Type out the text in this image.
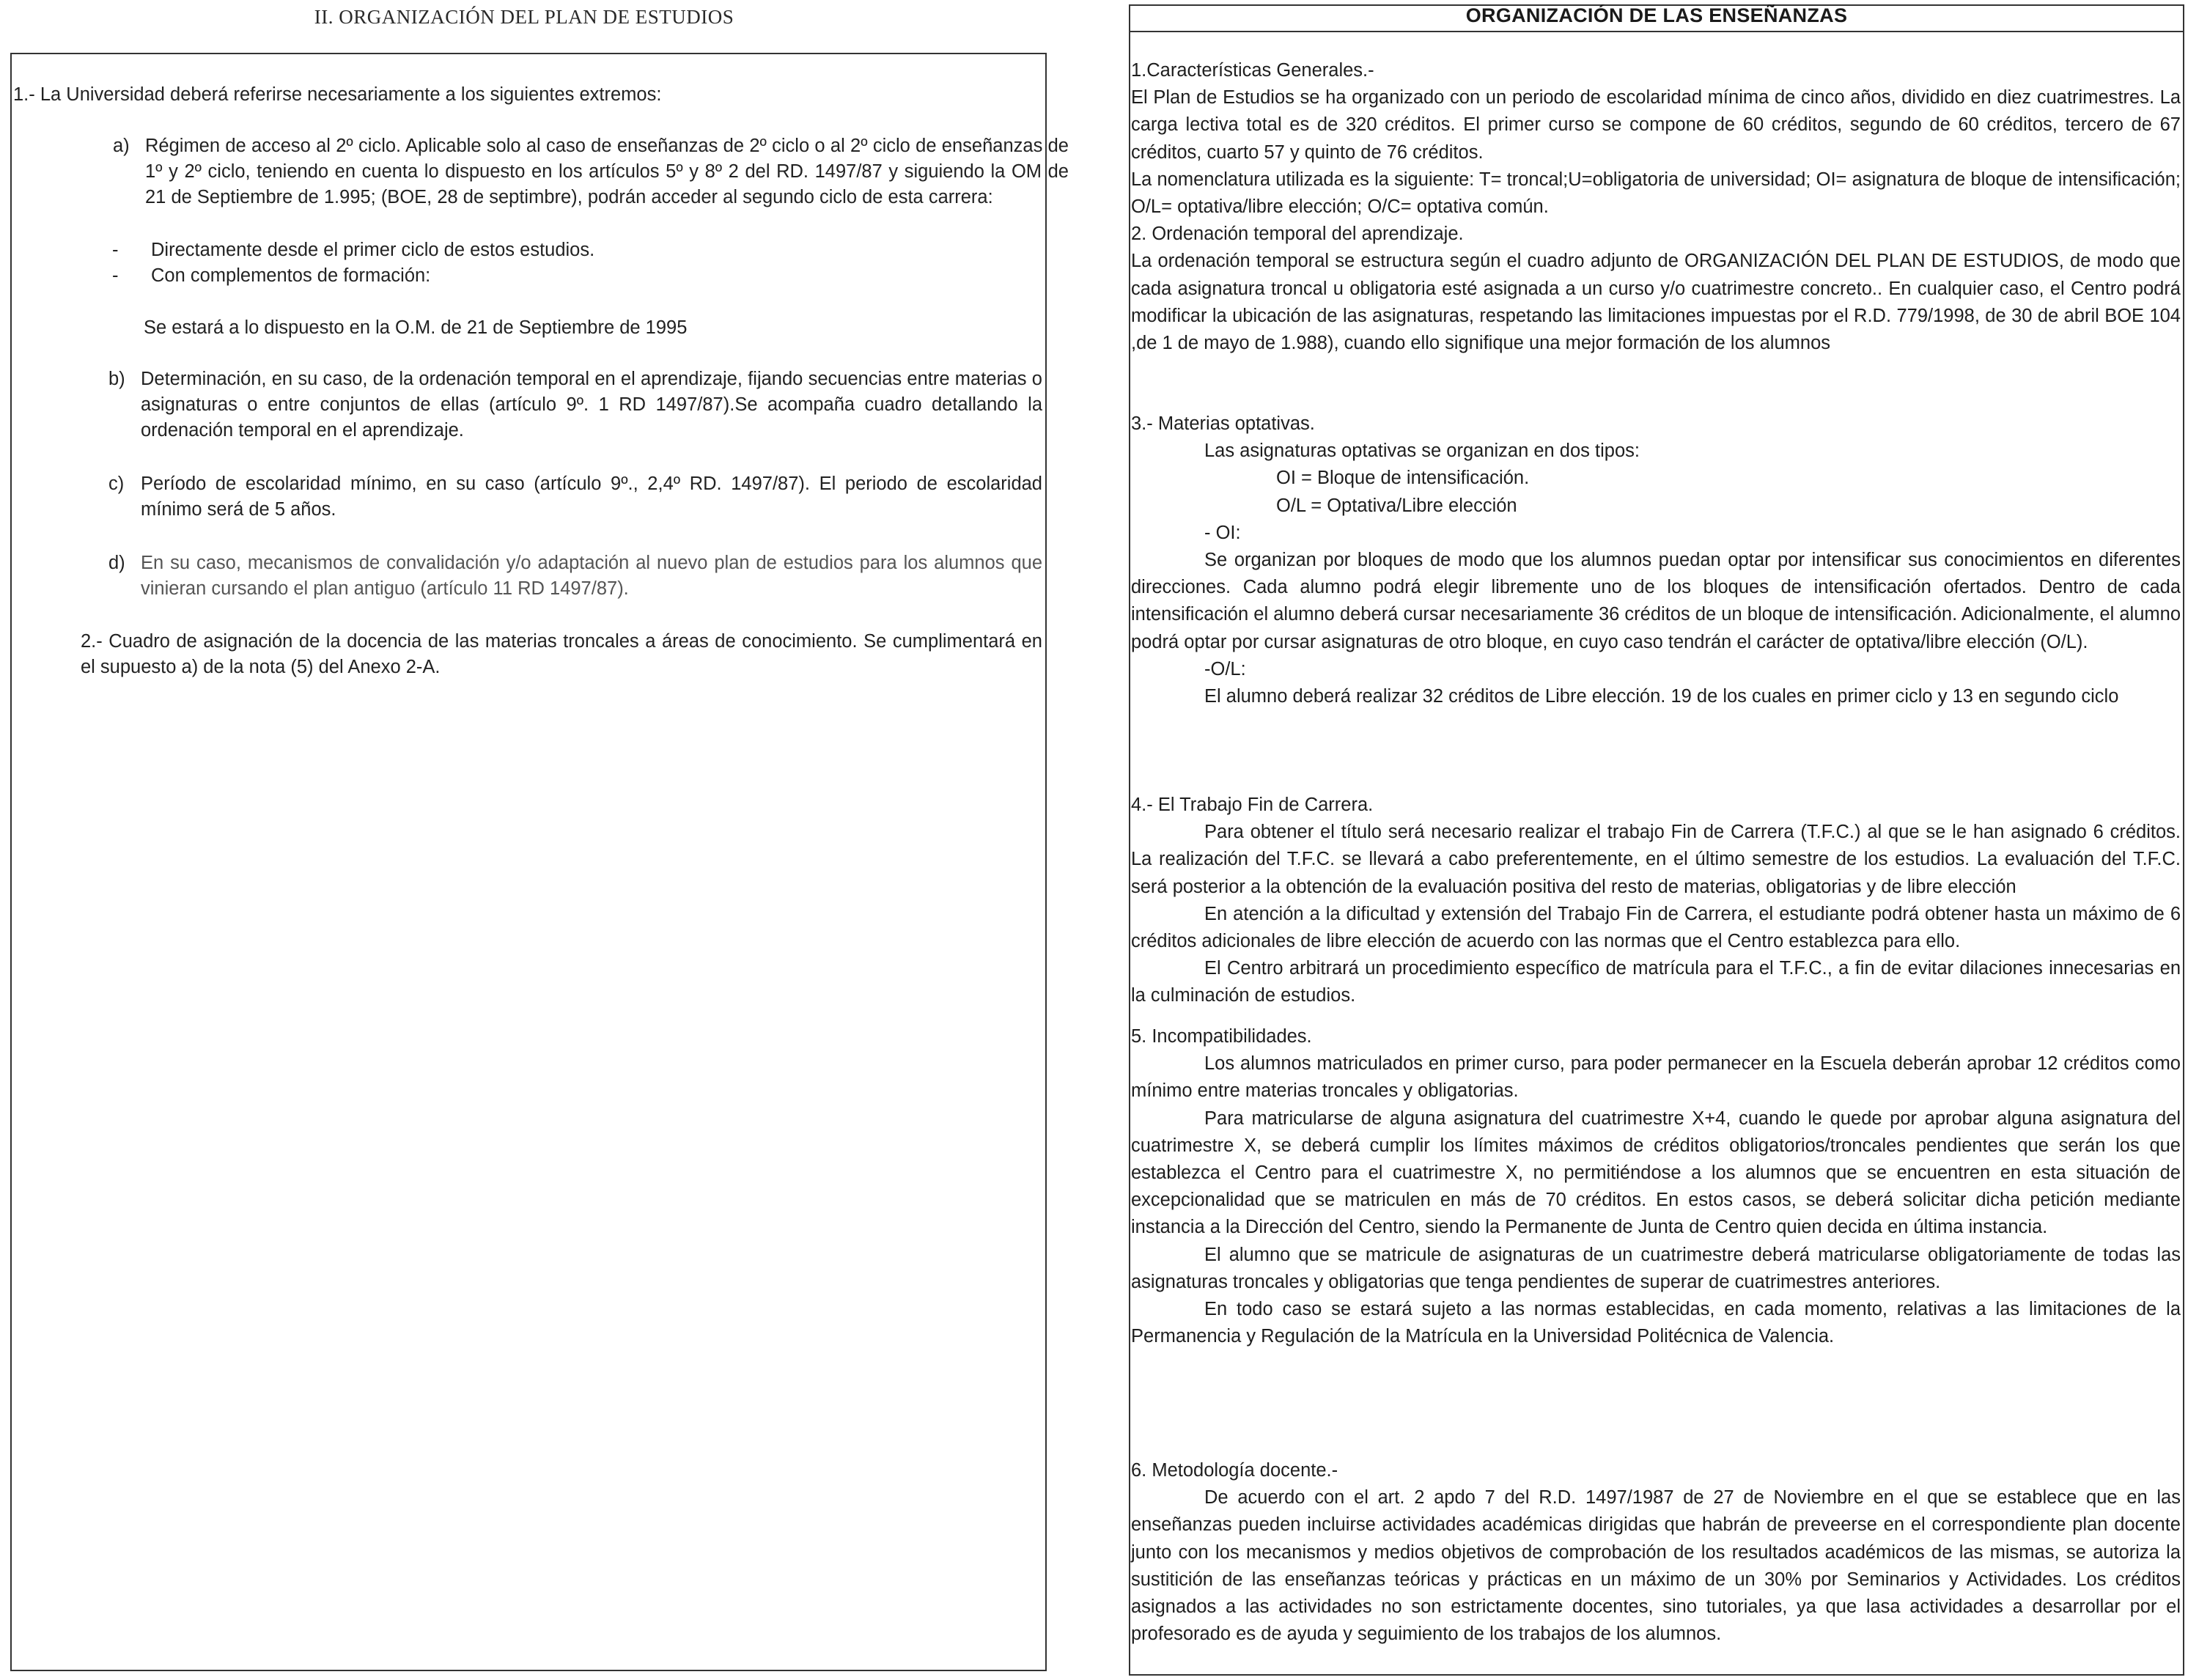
II. ORGANIZACIÓN DEL PLAN DE ESTUDIOS
1.- La Universidad deberá referirse necesariamente a los siguientes extremos:
a) Régimen de acceso al 2º ciclo. Aplicable solo al caso de enseñanzas de 2º ciclo o al 2º ciclo de enseñanzas de 1º y 2º ciclo, teniendo en cuenta lo dispuesto en los artículos 5º y 8º 2 del RD. 1497/87 y siguiendo la OM de 21 de Septiembre de 1.995; (BOE, 28 de septimbre), podrán acceder al segundo ciclo de esta carrera:
- Directamente desde el primer ciclo de estos estudios.
- Con complementos de formación:
Se estará a lo dispuesto en la O.M. de 21 de Septiembre de 1995
b) Determinación, en su caso, de la ordenación temporal en el aprendizaje, fijando secuencias entre materias o asignaturas o entre conjuntos de ellas (artículo 9º. 1 RD 1497/87).Se acompaña cuadro detallando la ordenación temporal en el aprendizaje.
c) Período de escolaridad mínimo, en su caso (artículo 9º., 2,4º RD. 1497/87). El periodo de escolaridad mínimo será de 5 años.
d) En su caso, mecanismos de convalidación y/o adaptación al nuevo plan de estudios para los alumnos que vinieran cursando el plan antiguo (artículo 11 RD 1497/87).
2.- Cuadro de asignación de la docencia de las materias troncales a áreas de conocimiento. Se cumplimentará en el supuesto a) de la nota (5) del Anexo 2-A.
ORGANIZACIÓN DE LAS ENSEÑANZAS

1.Características Generales.-

El Plan de Estudios se ha organizado con un periodo de escolaridad mínima de cinco años, dividido en diez cuatrimestres. La carga lectiva total es de 320 créditos. El primer curso se compone de 60 créditos, segundo de 60 créditos, tercero de 67 créditos, cuarto 57 y quinto de 76 créditos.

La nomenclatura utilizada es la siguiente: T= troncal;U=obligatoria de universidad; OI= asignatura de bloque de intensificación; O/L= optativa/libre elección; O/C= optativa común.

2. Ordenación temporal del aprendizaje.

La ordenación temporal se estructura según el cuadro adjunto de ORGANIZACIÓN DEL PLAN DE ESTUDIOS, de modo que cada asignatura troncal u obligatoria esté asignada a un curso y/o cuatrimestre concreto.. En cualquier caso, el Centro podrá modificar la ubicación de las asignaturas, respetando las limitaciones impuestas por el R.D. 779/1998, de 30 de abril BOE 104 ,de 1 de mayo de 1.988), cuando ello signifique una mejor formación de los alumnos

3.- Materias optativas.

Las asignaturas optativas se organizan en dos tipos:

OI = Bloque de intensificación.

O/L = Optativa/Libre elección

- OI:

Se organizan por bloques de modo que los alumnos puedan optar por intensificar sus conocimientos en diferentes direcciones. Cada alumno podrá elegir libremente uno de los bloques de intensificación ofertados. Dentro de cada intensificación el alumno deberá cursar necesariamente 36 créditos de un bloque de intensificación. Adicionalmente, el alumno podrá optar por cursar asignaturas de otro bloque, en cuyo caso tendrán el carácter de optativa/libre elección (O/L).

-O/L:

El alumno deberá realizar 32 créditos de Libre elección. 19 de los cuales en primer ciclo y 13 en segundo ciclo

4.- El Trabajo Fin de Carrera.

Para obtener el título será necesario realizar el trabajo Fin de Carrera (T.F.C.) al que se le han asignado 6 créditos. La realización del T.F.C. se llevará a cabo preferentemente, en el último semestre de los estudios. La evaluación del T.F.C. será posterior a la obtención de la evaluación positiva del resto de materias, obligatorias y de libre elección

En atención a la dificultad y extensión del Trabajo Fin de Carrera, el estudiante podrá obtener hasta un máximo de 6 créditos adicionales de libre elección de acuerdo con las normas que el Centro establezca para ello.

El Centro arbitrará un procedimiento específico de matrícula para el T.F.C., a fin de evitar dilaciones innecesarias en la culminación de estudios.

5. Incompatibilidades.

Los alumnos matriculados en primer curso, para poder permanecer en la Escuela deberán aprobar 12 créditos como mínimo entre materias troncales y obligatorias.

Para matricularse de alguna asignatura del cuatrimestre X+4, cuando le quede por aprobar alguna asignatura del cuatrimestre X, se deberá cumplir los límites máximos de créditos obligatorios/troncales pendientes que serán los que establezca el Centro para el cuatrimestre X, no permitiéndose a los alumnos que se encuentren en esta situación de excepcionalidad que se matriculen en más de 70 créditos. En estos casos, se deberá solicitar dicha petición mediante instancia a la Dirección del Centro, siendo la Permanente de Junta de Centro quien decida en última instancia.

El alumno que se matricule de asignaturas de un cuatrimestre deberá matricularse obligatoriamente de todas las asignaturas troncales y obligatorias que tenga pendientes de superar de cuatrimestres anteriores.

En todo caso se estará sujeto a las normas establecidas, en cada momento, relativas a las limitaciones de la Permanencia y Regulación de la Matrícula en la Universidad Politécnica de Valencia.

6. Metodología docente.-

De acuerdo con el art. 2 apdo 7 del R.D. 1497/1987 de 27 de Noviembre en el que se establece que en las enseñanzas pueden incluirse actividades académicas dirigidas que habrán de preveerse en el correspondiente plan docente junto con los mecanismos y medios objetivos de comprobación de los resultados académicos de las mismas, se autoriza la sustitición de las enseñanzas teóricas y prácticas en un máximo de un 30% por Seminarios y Actividades. Los créditos asignados a las actividades no son estrictamente docentes, sino tutoriales, ya que lasa actividades a desarrollar por el profesorado es de ayuda y seguimiento de los trabajos de los alumnos.
